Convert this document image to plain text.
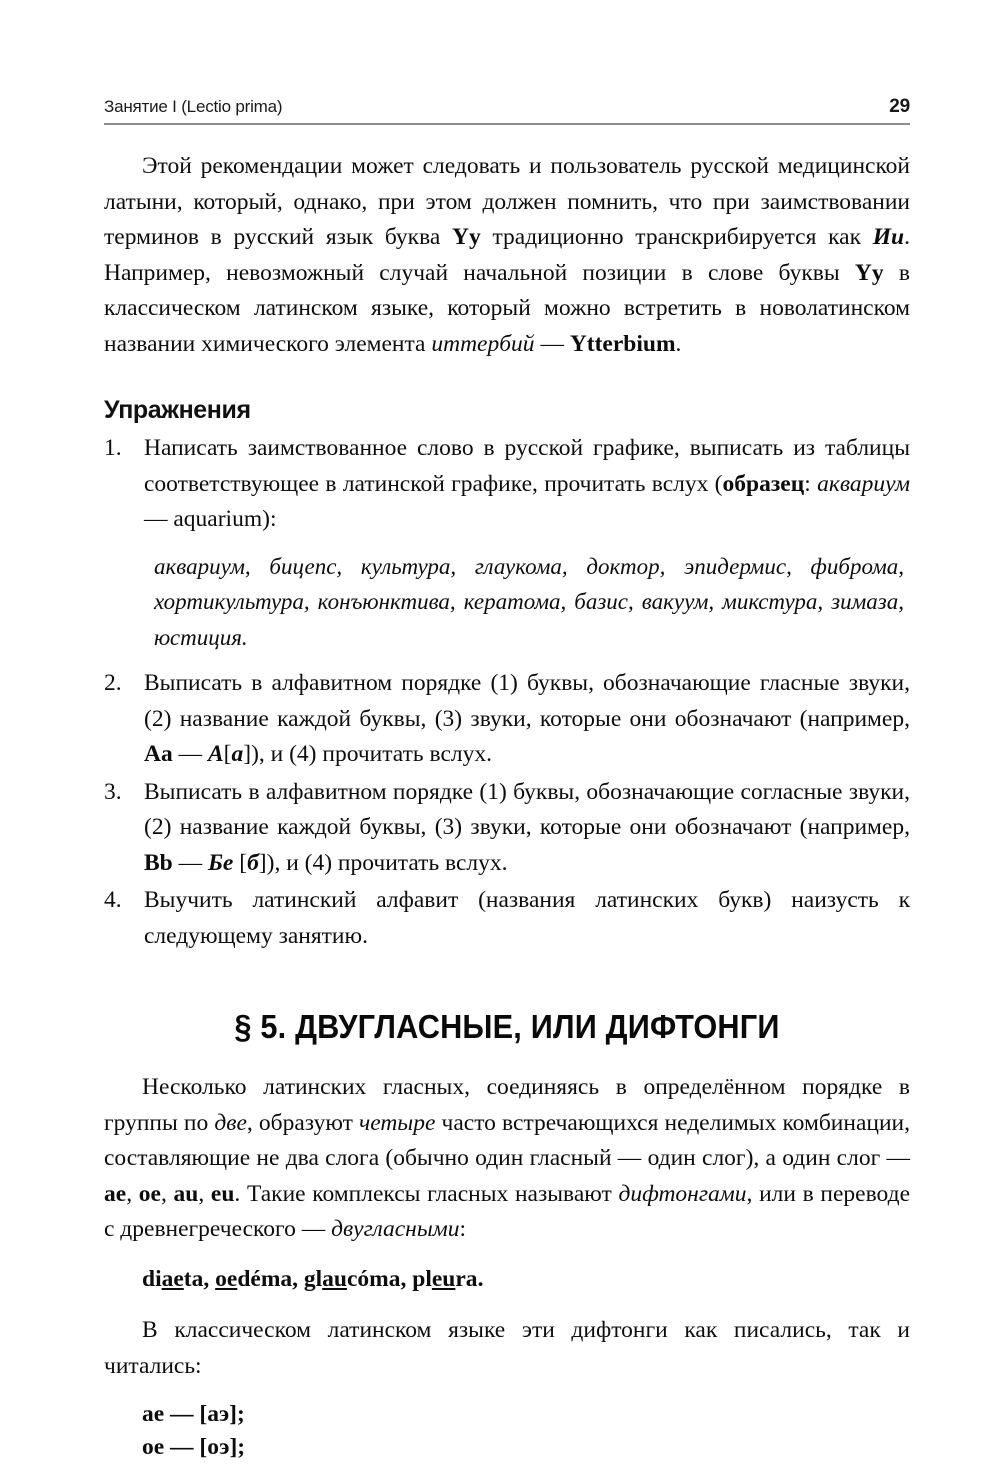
Занятие I (Lectio prima)	29

Этой рекомендации может следовать и пользователь русской медицинской латыни, который, однако, при этом должен помнить, что при заимствовании терминов в русский язык буква Yy традиционно транскрибируется как Ии. Например, невозможный случай начальной позиции в слове буквы Yy в классическом латинском языке, который можно встретить в новолатинском названии химического элемента иттербий — Ytterbium.

Упражнения
1. Написать заимствованное слово в русской графике, выписать из таблицы соответствующее в латинской графике, прочитать вслух (образец: аквариум — aquarium):
аквариум, бицепс, культура, глаукома, доктор, эпидермис, фиброма, хортикультура, конъюнктива, кератома, базис, вакуум, микстура, зимаза, юстиция.
2. Выписать в алфавитном порядке (1) буквы, обозначающие гласные звуки, (2) название каждой буквы, (3) звуки, которые они обозначают (например, Aa — A[a]), и (4) прочитать вслух.
3. Выписать в алфавитном порядке (1) буквы, обозначающие согласные звуки, (2) название каждой буквы, (3) звуки, которые они обозначают (например, Bb — Бе [б]), и (4) прочитать вслух.
4. Выучить латинский алфавит (названия латинских букв) наизусть к следующему занятию.
§ 5. ДВУГЛАСНЫЕ, ИЛИ ДИФТОНГИ

Несколько латинских гласных, соединяясь в определённом порядке в группы по две, образуют четыре часто встречающихся неделимых комбинации, составляющие не два слога (обычно один гласный — один слог), а один слог — ae, oe, au, eu. Такие комплексы гласных называют дифтонгами, или в переводе с древнегреческого — двугласными:

diaeta, oedéma, glaucóma, pleura.

В классическом латинском языке эти дифтонги как писались, так и читались:

ae — [аэ];
oe — [оэ];
